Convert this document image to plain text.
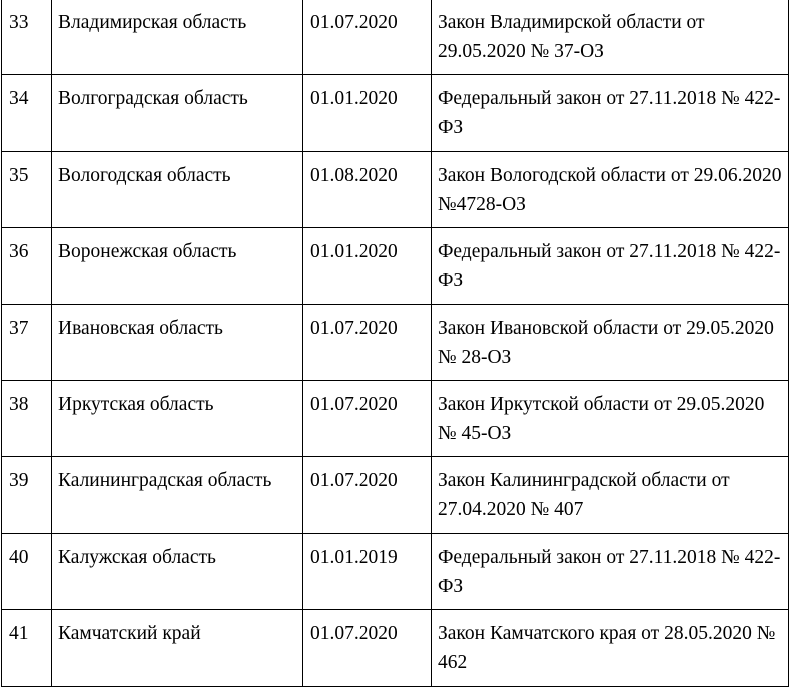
33	Владимирская область	01.07.2020	Закон Владимирской области от 29.05.2020 № 37-ОЗ
34	Волгоградская область	01.01.2020	Федеральный закон от 27.11.2018 № 422-ФЗ
35	Вологодская область	01.08.2020	Закон Вологодской области от 29.06.2020 №4728-ОЗ
36	Воронежская область	01.01.2020	Федеральный закон от 27.11.2018 № 422-ФЗ
37	Ивановская область	01.07.2020	Закон Ивановской области от 29.05.2020 № 28-ОЗ
38	Иркутская область	01.07.2020	Закон Иркутской области от 29.05.2020 № 45-ОЗ
39	Калининградская область	01.07.2020	Закон Калининградской области от 27.04.2020 № 407
40	Калужская область	01.01.2019	Федеральный закон от 27.11.2018 № 422-ФЗ
41	Камчатский край	01.07.2020	Закон Камчатского края от 28.05.2020 № 462
